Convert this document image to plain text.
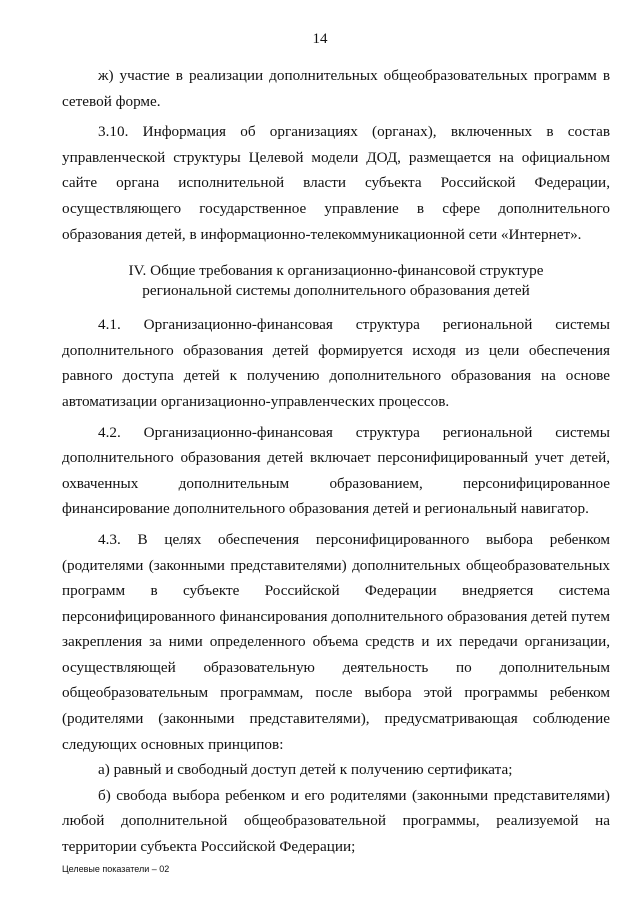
14

ж) участие в реализации дополнительных общеобразовательных программ в сетевой форме.

3.10. Информация об организациях (органах), включенных в состав управленческой структуры Целевой модели ДОД, размещается на официальном сайте органа исполнительной власти субъекта Российской Федерации, осуществляющего государственное управление в сфере дополнительного образования детей, в информационно-телекоммуникационной сети «Интернет».

IV. Общие требования к организационно-финансовой структуре
региональной системы дополнительного образования детей

4.1. Организационно-финансовая структура региональной системы дополнительного образования детей формируется исходя из цели обеспечения равного доступа детей к получению дополнительного образования на основе автоматизации организационно-управленческих процессов.

4.2. Организационно-финансовая структура региональной системы дополнительного образования детей включает персонифицированный учет детей, охваченных дополнительным образованием, персонифицированное финансирование дополнительного образования детей и региональный навигатор.

4.3. В целях обеспечения персонифицированного выбора ребенком (родителями (законными представителями) дополнительных общеобразовательных программ в субъекте Российской Федерации внедряется система персонифицированного финансирования дополнительного образования детей путем закрепления за ними определенного объема средств и их передачи организации, осуществляющей образовательную деятельность по дополнительным общеобразовательным программам, после выбора этой программы ребенком (родителями (законными представителями), предусматривающая соблюдение следующих основных принципов:

а) равный и свободный доступ детей к получению сертификата;

б) свобода выбора ребенком и его родителями (законными представителями) любой дополнительной общеобразовательной программы, реализуемой на территории субъекта Российской Федерации;

Целевые показатели – 02
